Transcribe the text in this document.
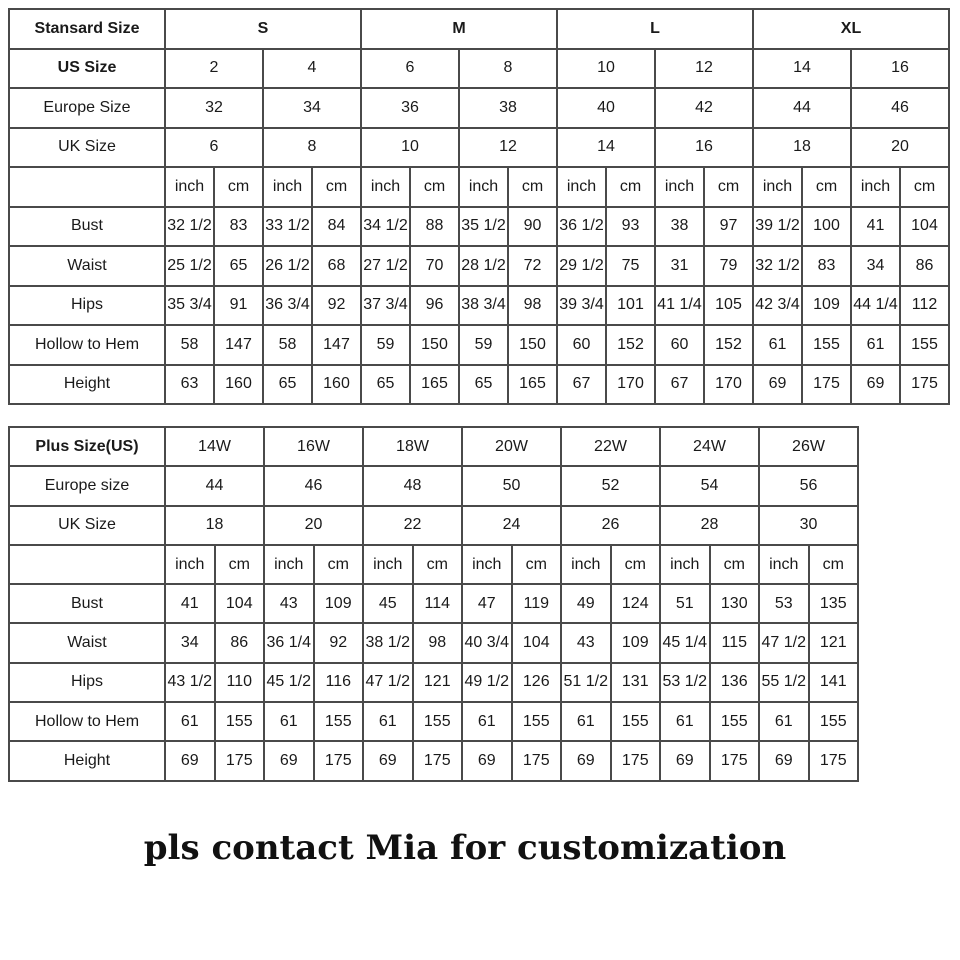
Stansard Size	S				M				L				XL			
US Size	2		4		6		8		10		12		14		16	
Europe Size	32		34		36		38		40		42		44		46	
UK Size	6		8		10		12		14		16		18		20	
	inch	cm	inch	cm	inch	cm	inch	cm	inch	cm	inch	cm	inch	cm	inch	cm
Bust	32 1/2	83	33 1/2	84	34 1/2	88	35 1/2	90	36 1/2	93	38	97	39 1/2	100	41	104
Waist	25 1/2	65	26 1/2	68	27 1/2	70	28 1/2	72	29 1/2	75	31	79	32 1/2	83	34	86
Hips	35 3/4	91	36 3/4	92	37 3/4	96	38 3/4	98	39 3/4	101	41 1/4	105	42 3/4	109	44 1/4	112
Hollow to Hem	58	147	58	147	59	150	59	150	60	152	60	152	61	155	61	155
Height	63	160	65	160	65	165	65	165	67	170	67	170	69	175	69	175
Plus Size(US)	14W		16W		18W		20W		22W		24W		26W		
Europe size	44		46		48		50		52		54		56		
UK Size	18		20		22		24		26		28		30		
	inch	cm	inch	cm	inch	cm	inch	cm	inch	cm	inch	cm	inch	cm	
Bust	41	104	43	109	45	114	47	119	49	124	51	130	53	135	
Waist	34	86	36 1/4	92	38 1/2	98	40 3/4	104	43	109	45 1/4	115	47 1/2	121	
Hips	43 1/2	110	45 1/2	116	47 1/2	121	49 1/2	126	51 1/2	131	53 1/2	136	55 1/2	141	
Hollow to Hem	61	155	61	155	61	155	61	155	61	155	61	155	61	155	
Height	69	175	69	175	69	175	69	175	69	175	69	175	69	175	
pls contact Mia for customization
